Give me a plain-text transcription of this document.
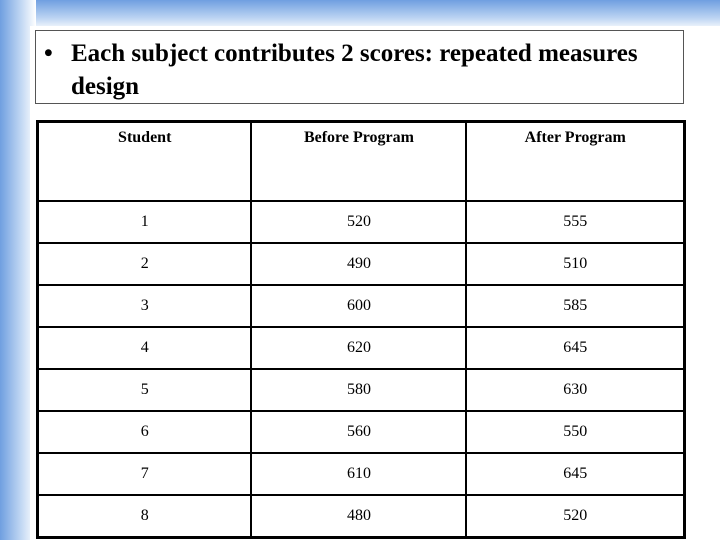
• Each subject contributes 2 scores: repeated measures design
Student	Before Program	After Program
1	520	555
2	490	510
3	600	585
4	620	645
5	580	630
6	560	550
7	610	645
8	480	520
